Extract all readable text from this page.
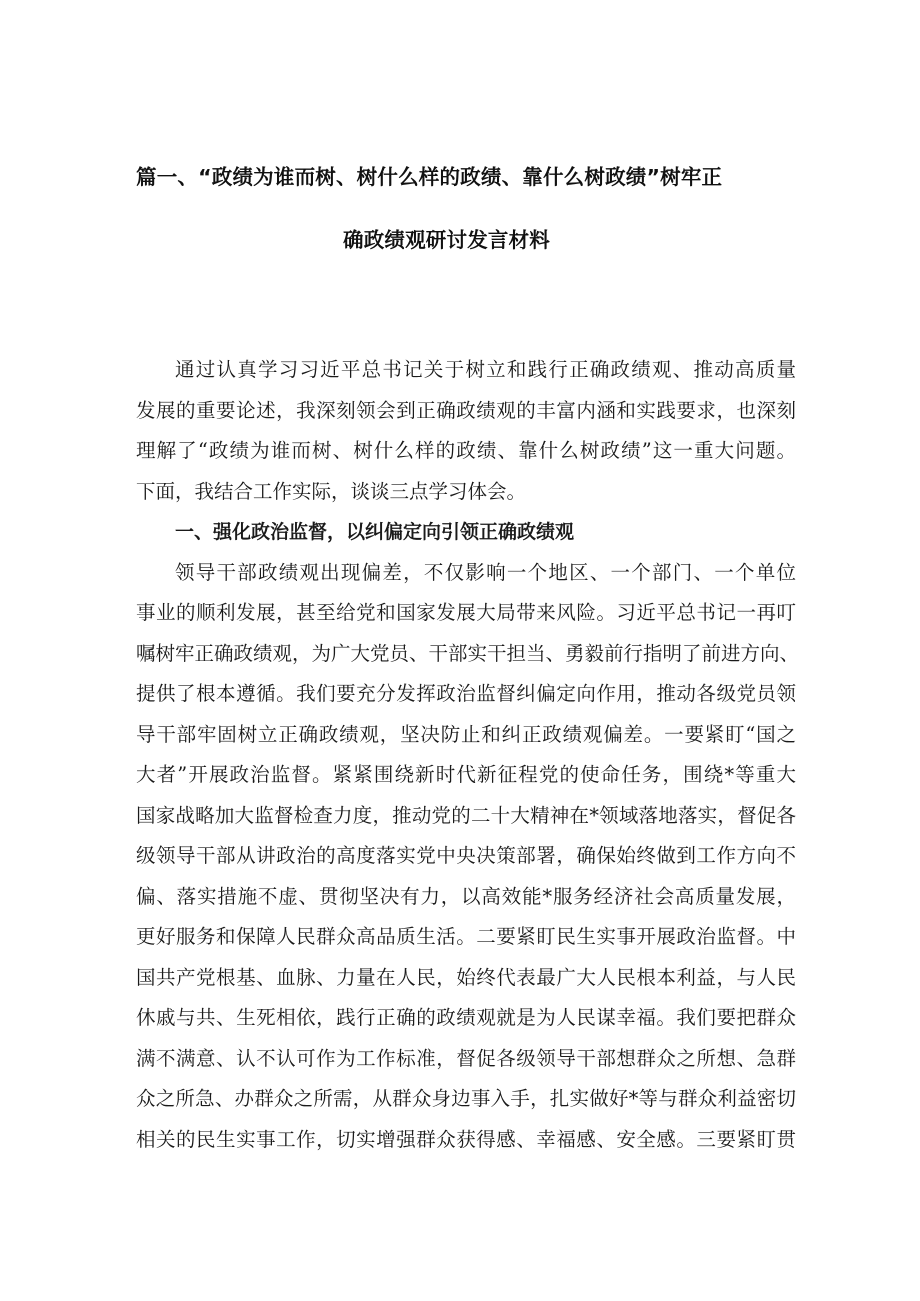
篇一、“政绩为谁而树、树什么样的政绩、靠什么树政绩”树牢正
确政绩观研讨发言材料
通过认真学习习近平总书记关于树立和践行正确政绩观、推动高质量
发展的重要论述，我深刻领会到正确政绩观的丰富内涵和实践要求，也深刻
理解了“政绩为谁而树、树什么样的政绩、靠什么树政绩”这一重大问题。
下面，我结合工作实际，谈谈三点学习体会。
一、强化政治监督，以纠偏定向引领正确政绩观
领导干部政绩观出现偏差，不仅影响一个地区、一个部门、一个单位
事业的顺利发展，甚至给党和国家发展大局带来风险。习近平总书记一再叮
嘱树牢正确政绩观，为广大党员、干部实干担当、勇毅前行指明了前进方向、
提供了根本遵循。我们要充分发挥政治监督纠偏定向作用，推动各级党员领
导干部牢固树立正确政绩观，坚决防止和纠正政绩观偏差。一要紧盯“国之
大者”开展政治监督。紧紧围绕新时代新征程党的使命任务，围绕*等重大
国家战略加大监督检查力度，推动党的二十大精神在*领域落地落实，督促各
级领导干部从讲政治的高度落实党中央决策部署，确保始终做到工作方向不
偏、落实措施不虚、贯彻坚决有力，以高效能*服务经济社会高质量发展，
更好服务和保障人民群众高品质生活。二要紧盯民生实事开展政治监督。中
国共产党根基、血脉、力量在人民，始终代表最广大人民根本利益，与人民
休戚与共、生死相依，践行正确的政绩观就是为人民谋幸福。我们要把群众
满不满意、认不认可作为工作标准，督促各级领导干部想群众之所想、急群
众之所急、办群众之所需，从群众身边事入手，扎实做好*等与群众利益密切
相关的民生实事工作，切实增强群众获得感、幸福感、安全感。三要紧盯贯
